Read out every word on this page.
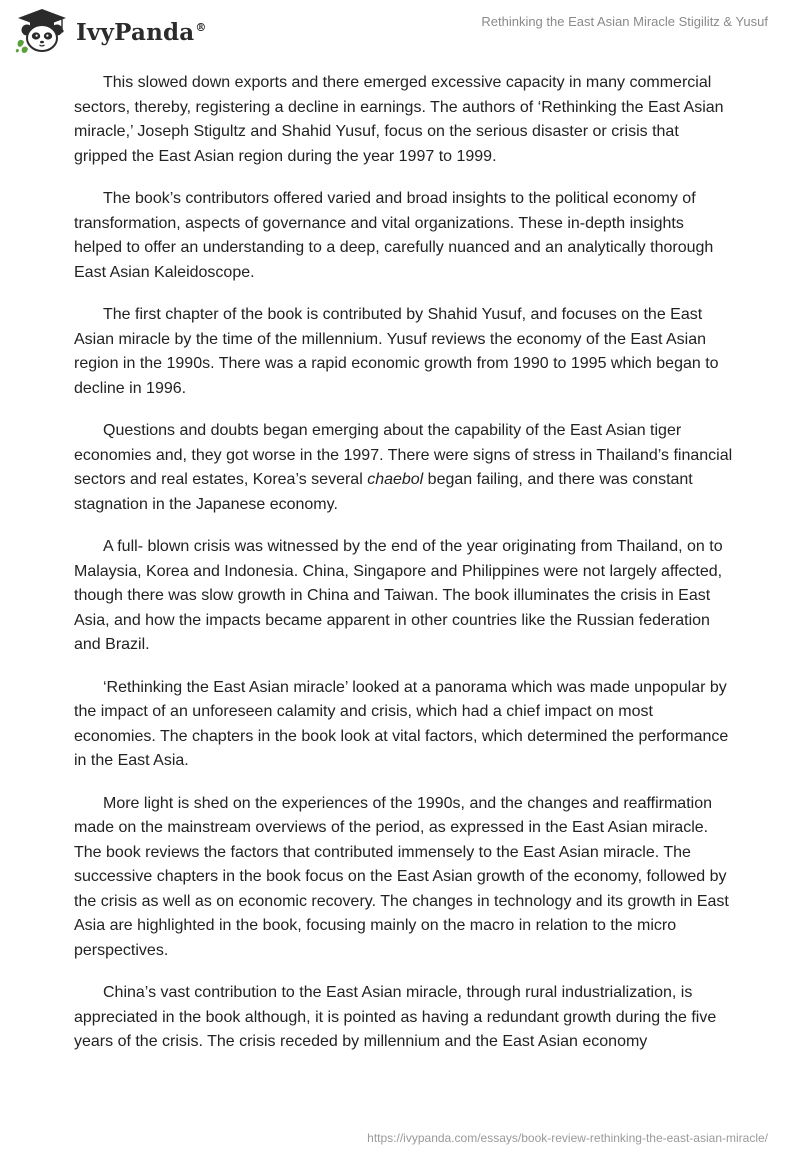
IvyPanda®	Rethinking the East Asian Miracle Stigilitz & Yusuf

This slowed down exports and there emerged excessive capacity in many commercial sectors, thereby, registering a decline in earnings. The authors of ‘Rethinking the East Asian miracle,’ Joseph Stigultz and Shahid Yusuf, focus on the serious disaster or crisis that gripped the East Asian region during the year 1997 to 1999.

The book’s contributors offered varied and broad insights to the political economy of transformation, aspects of governance and vital organizations. These in-depth insights helped to offer an understanding to a deep, carefully nuanced and an analytically thorough East Asian Kaleidoscope.

The first chapter of the book is contributed by Shahid Yusuf, and focuses on the East Asian miracle by the time of the millennium. Yusuf reviews the economy of the East Asian region in the 1990s. There was a rapid economic growth from 1990 to 1995 which began to decline in 1996.

Questions and doubts began emerging about the capability of the East Asian tiger economies and, they got worse in the 1997. There were signs of stress in Thailand’s financial sectors and real estates, Korea’s several chaebol began failing, and there was constant stagnation in the Japanese economy.

A full- blown crisis was witnessed by the end of the year originating from Thailand, on to Malaysia, Korea and Indonesia. China, Singapore and Philippines were not largely affected, though there was slow growth in China and Taiwan. The book illuminates the crisis in East Asia, and how the impacts became apparent in other countries like the Russian federation and Brazil.

‘Rethinking the East Asian miracle’ looked at a panorama which was made unpopular by the impact of an unforeseen calamity and crisis, which had a chief impact on most economies. The chapters in the book look at vital factors, which determined the performance in the East Asia.

More light is shed on the experiences of the 1990s, and the changes and reaffirmation made on the mainstream overviews of the period, as expressed in the East Asian miracle. The book reviews the factors that contributed immensely to the East Asian miracle. The successive chapters in the book focus on the East Asian growth of the economy, followed by the crisis as well as on economic recovery. The changes in technology and its growth in East Asia are highlighted in the book, focusing mainly on the macro in relation to the micro perspectives.

China’s vast contribution to the East Asian miracle, through rural industrialization, is appreciated in the book although, it is pointed as having a redundant growth during the five years of the crisis. The crisis receded by millennium and the East Asian economy

https://ivypanda.com/essays/book-review-rethinking-the-east-asian-miracle/
